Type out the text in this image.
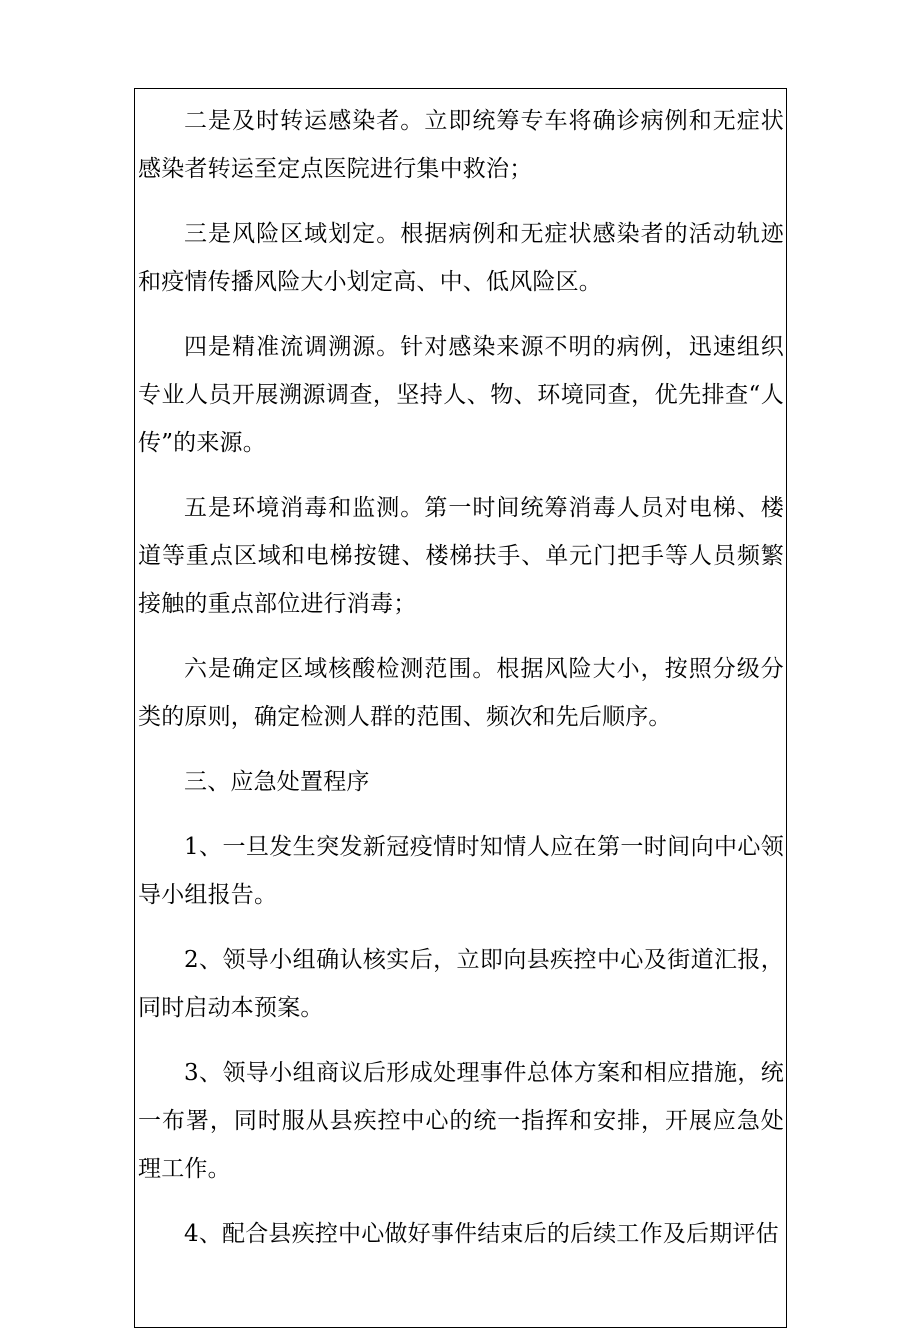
二是及时转运感染者。立即统筹专车将确诊病例和无症状感染者转运至定点医院进行集中救治；

三是风险区域划定。根据病例和无症状感染者的活动轨迹和疫情传播风险大小划定高、中、低风险区。

四是精准流调溯源。针对感染来源不明的病例，迅速组织专业人员开展溯源调查，坚持人、物、环境同查，优先排查“人传”的来源。

五是环境消毒和监测。第一时间统筹消毒人员对电梯、楼道等重点区域和电梯按键、楼梯扶手、单元门把手等人员频繁接触的重点部位进行消毒；

六是确定区域核酸检测范围。根据风险大小，按照分级分类的原则，确定检测人群的范围、频次和先后顺序。

三、应急处置程序

1、一旦发生突发新冠疫情时知情人应在第一时间向中心领导小组报告。

2、领导小组确认核实后，立即向县疾控中心及街道汇报，同时启动本预案。

3、领导小组商议后形成处理事件总体方案和相应措施，统一布署，同时服从县疾控中心的统一指挥和安排，开展应急处理工作。

4、配合县疾控中心做好事件结束后的后续工作及后期评估
